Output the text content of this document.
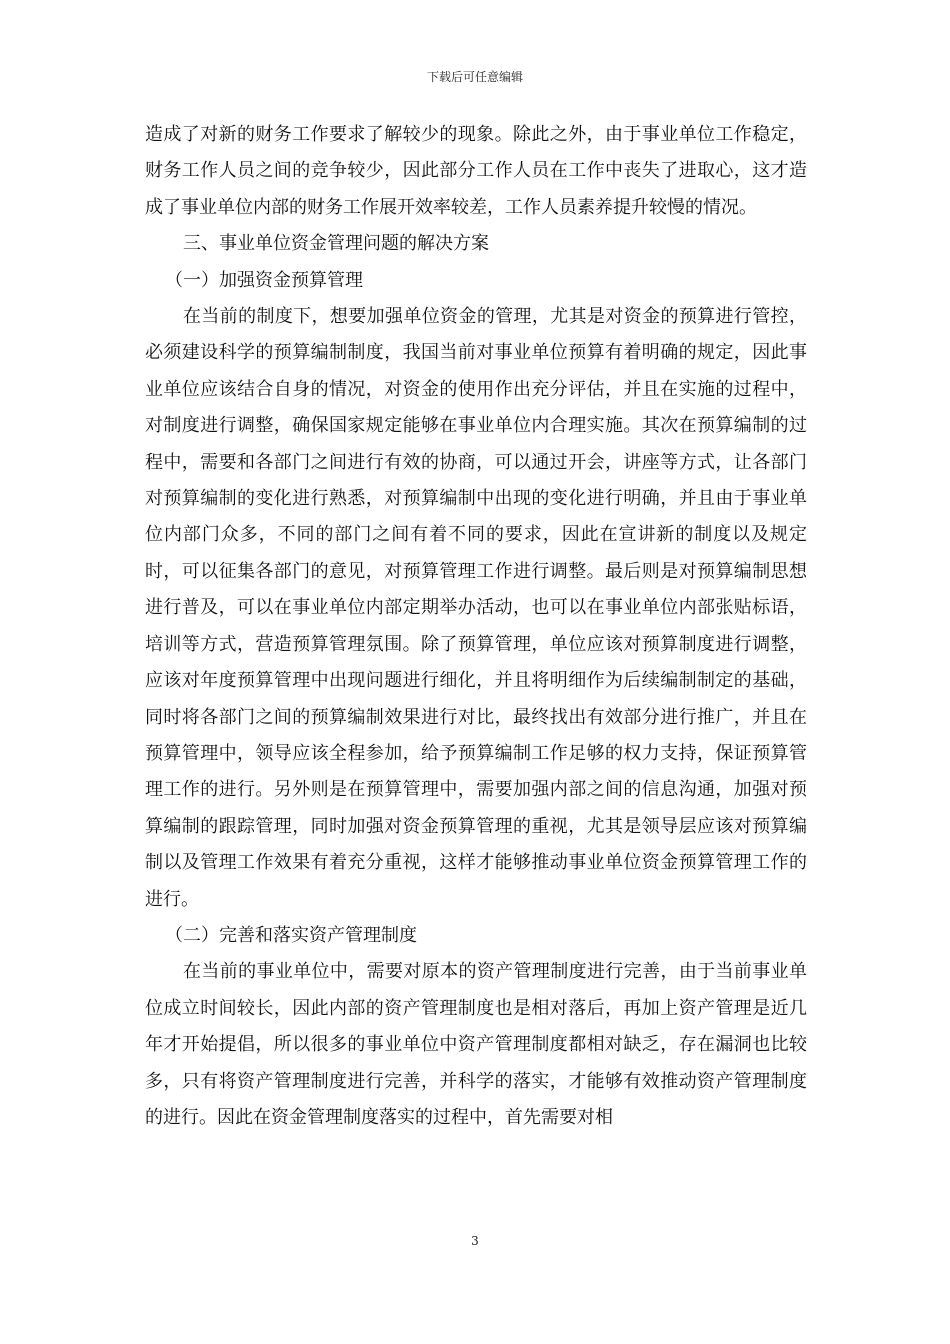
下载后可任意编辑

造成了对新的财务工作要求了解较少的现象。除此之外，由于事业单位工作稳定，财务工作人员之间的竞争较少，因此部分工作人员在工作中丧失了进取心，这才造成了事业单位内部的财务工作展开效率较差，工作人员素养提升较慢的情况。

三、事业单位资金管理问题的解决方案

（一）加强资金预算管理

在当前的制度下，想要加强单位资金的管理，尤其是对资金的预算进行管控，必须建设科学的预算编制制度，我国当前对事业单位预算有着明确的规定，因此事业单位应该结合自身的情况，对资金的使用作出充分评估，并且在实施的过程中，对制度进行调整，确保国家规定能够在事业单位内合理实施。其次在预算编制的过程中，需要和各部门之间进行有效的协商，可以通过开会，讲座等方式，让各部门对预算编制的变化进行熟悉，对预算编制中出现的变化进行明确，并且由于事业单位内部门众多，不同的部门之间有着不同的要求，因此在宣讲新的制度以及规定时，可以征集各部门的意见，对预算管理工作进行调整。最后则是对预算编制思想进行普及，可以在事业单位内部定期举办活动，也可以在事业单位内部张贴标语，培训等方式，营造预算管理氛围。除了预算管理，单位应该对预算制度进行调整，应该对年度预算管理中出现问题进行细化，并且将明细作为后续编制制定的基础，同时将各部门之间的预算编制效果进行对比，最终找出有效部分进行推广，并且在预算管理中，领导应该全程参加，给予预算编制工作足够的权力支持，保证预算管理工作的进行。另外则是在预算管理中，需要加强内部之间的信息沟通，加强对预算编制的跟踪管理，同时加强对资金预算管理的重视，尤其是领导层应该对预算编制以及管理工作效果有着充分重视，这样才能够推动事业单位资金预算管理工作的进行。

（二）完善和落实资产管理制度

在当前的事业单位中，需要对原本的资产管理制度进行完善，由于当前事业单位成立时间较长，因此内部的资产管理制度也是相对落后，再加上资产管理是近几年才开始提倡，所以很多的事业单位中资产管理制度都相对缺乏，存在漏洞也比较多，只有将资产管理制度进行完善，并科学的落实，才能够有效推动资产管理制度的进行。因此在资金管理制度落实的过程中，首先需要对相

3
